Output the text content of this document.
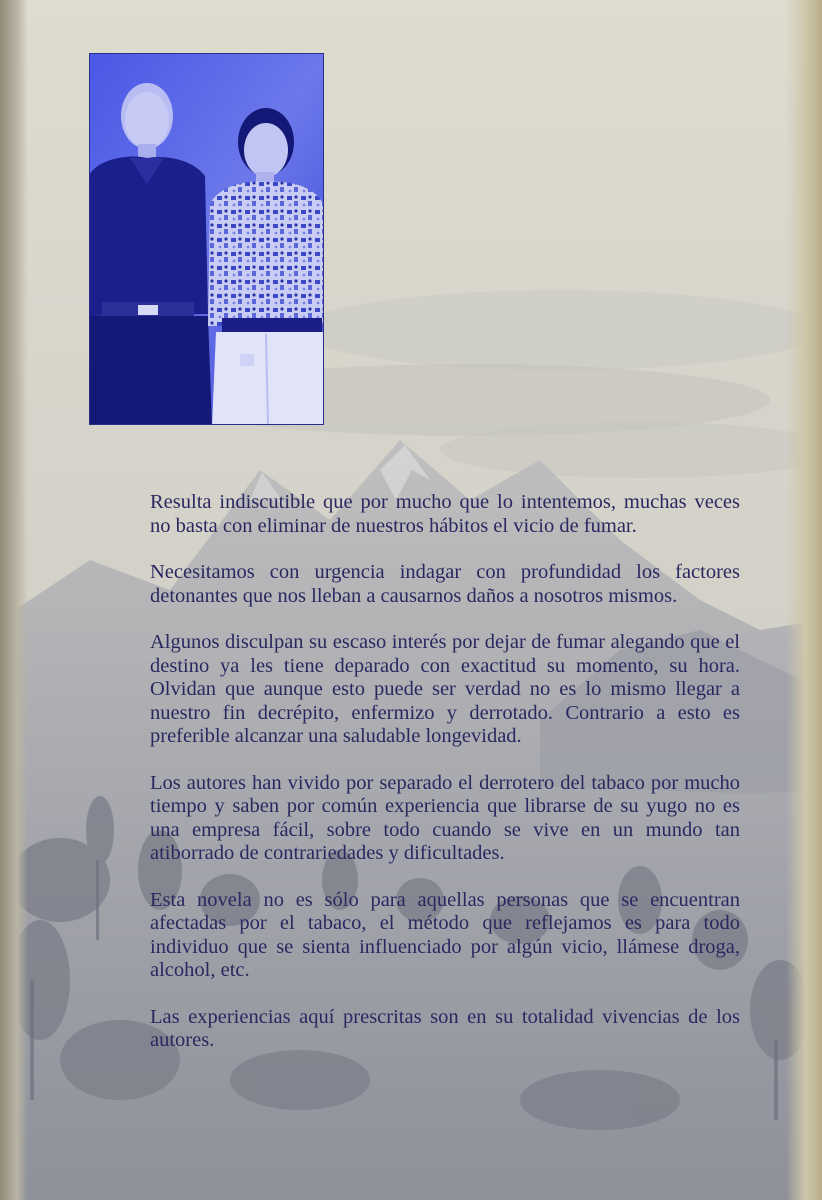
Resulta indiscutible que por mucho que lo intentemos, muchas veces no basta con eliminar de nuestros hábitos el vicio de fumar.

Necesitamos con urgencia indagar con profundidad los factores detonantes que nos lleban a causarnos daños a nosotros mismos.

Algunos disculpan su escaso interés por dejar de fumar alegando que el destino ya les tiene deparado con exactitud su momento, su hora. Olvidan que aunque esto puede ser verdad no es lo mismo llegar a nuestro fin decrépito, enfermizo y derrotado. Contrario a esto es preferible alcanzar una saludable longevidad.

Los autores han vivido por separado el derrotero del tabaco por mucho tiempo y saben por común experiencia que librarse de su yugo no es una empresa fácil, sobre todo cuando se vive en un mundo tan atiborrado de contrariedades y dificultades.

Esta novela no es sólo para aquellas personas que se encuentran afectadas por el tabaco, el método que reflejamos es para todo individuo que se sienta influenciado por algún vicio, llámese droga, alcohol, etc.

Las experiencias aquí prescritas son en su totalidad vivencias de los autores.
